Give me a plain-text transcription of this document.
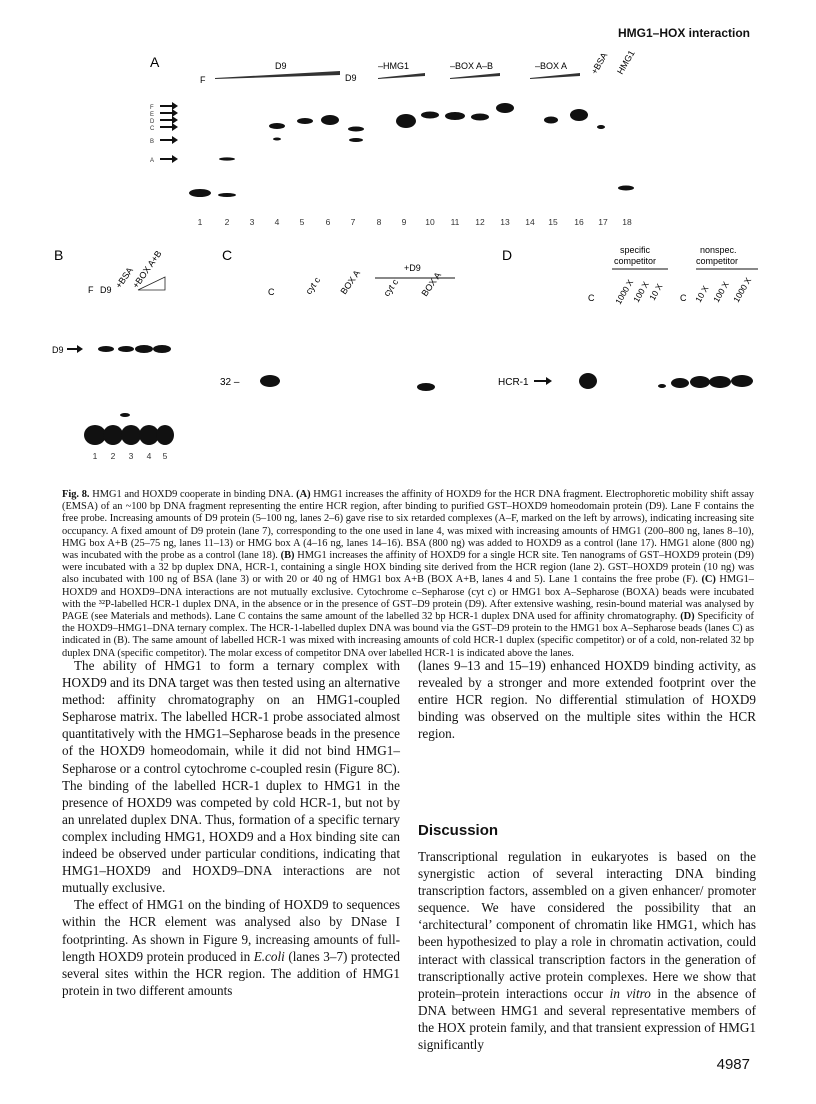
HMG1–HOX interaction
A
F
D9
D9
–HMG1	–BOX A–B	–BOX A +BSA HMG1
F
E
D
C
B
A
1	2 3 4 5	6 7	8 9 10 11 12 13 14 15 16 17 18
B
F D9 +BSA
+BOX A+B
D9
1 2 3 4 5
C
+D9
C	cyt c BOX A cyt c BOX A
32 –
D	specific
competitor
nonspec.
competitor
C 1000 X
100 X
10 X C 10 X 100 X 1000 X
HCR-1
Fig. 8. HMG1 and HOXD9 cooperate in binding DNA. (A) HMG1 increases the affinity of HOXD9 for the HCR DNA fragment. Electrophoretic mobility shift assay (EMSA) of an ~100 bp DNA fragment representing the entire HCR region, after binding to purified GST–HOXD9 homeodomain protein (D9). Lane F contains the free probe. Increasing amounts of D9 protein (5–100 ng, lanes 2–6) gave rise to six retarded complexes (A–F, marked on the left by arrows), indicating increasing site occupancy. A fixed amount of D9 protein (lane 7), corresponding to the one used in lane 4, was mixed with increasing amounts of HMG1 (200–800 ng, lanes 8–10), HMG box A+B (25–75 ng, lanes 11–13) or HMG box A (4–16 ng, lanes 14–16). BSA (800 ng) was added to HOXD9 as a control (lane 17). HMG1 alone (800 ng) was incubated with the probe as a control (lane 18). (B) HMG1 increases the affinity of HOXD9 for a single HCR site. Ten nanograms of GST–HOXD9 protein (D9) were incubated with a 32 bp duplex DNA, HCR-1, containing a single HOX binding site derived from the HCR region (lane 2). GST–HOXD9 protein (10 ng) was also incubated with 100 ng of BSA (lane 3) or with 20 or 40 ng of HMG1 box A+B (BOX A+B, lanes 4 and 5). Lane 1 contains the free probe (F). (C) HMG1–HOXD9 and HOXD9–DNA interactions are not mutually exclusive. Cytochrome c–Sepharose (cyt c) or HMG1 box A–Sepharose (BOXA) beads were incubated with the ³²P-labelled HCR-1 duplex DNA, in the absence or in the presence of GST–D9 protein (D9). After extensive washing, resin-bound material was analysed by PAGE (see Materials and methods). Lane C contains the same amount of the labelled 32 bp HCR-1 duplex DNA used for affinity chromatography. (D) Specificity of the HOXD9–HMG1–DNA ternary complex. The HCR-1-labelled duplex DNA was bound via the GST–D9 protein to the HMG1 box A–Sepharose beads (lanes C) as indicated in (B). The same amount of labelled HCR-1 was mixed with increasing amounts of cold HCR-1 duplex (specific competitor) or of a cold, non-related 32 bp duplex DNA (specific competitor). The molar excess of competitor DNA over labelled HCR-1 is indicated above the lanes.

The ability of HMG1 to form a ternary complex with HOXD9 and its DNA target was then tested using an alternative method: affinity chromatography on an HMG1-coupled Sepharose matrix. The labelled HCR-1 probe associated almost quantitatively with the HMG1–Sepharose beads in the presence of the HOXD9 homeodomain, while it did not bind HMG1–Sepharose or a control cytochrome c-coupled resin (Figure 8C). The binding of the labelled HCR-1 duplex to HMG1 in the presence of HOXD9 was competed by cold HCR-1, but not by an unrelated duplex DNA. Thus, formation of a specific ternary complex including HMG1, HOXD9 and a Hox binding site can indeed be observed under particular conditions, indicating that HMG1–HOXD9 and HOXD9–DNA interactions are not mutually exclusive.

The effect of HMG1 on the binding of HOXD9 to sequences within the HCR element was analysed also by DNase I footprinting. As shown in Figure 9, increasing amounts of full-length HOXD9 protein produced in E.coli (lanes 3–7) protected several sites within the HCR region. The addition of HMG1 protein in two different amounts

(lanes 9–13 and 15–19) enhanced HOXD9 binding activity, as revealed by a stronger and more extended footprint over the entire HCR region. No differential stimulation of HOXD9 binding was observed on the multiple sites within the HCR region.

Discussion

Transcriptional regulation in eukaryotes is based on the synergistic action of several interacting DNA binding transcription factors, assembled on a given enhancer/ promoter sequence. We have considered the possibility that an ‘architectural’ component of chromatin like HMG1, which has been hypothesized to play a role in chromatin activation, could interact with classical transcription factors in the generation of transcriptionally active protein complexes. Here we show that protein–protein interactions occur in vitro in the absence of DNA between HMG1 and several representative members of the HOX protein family, and that transient expression of HMG1 significantly

4987
